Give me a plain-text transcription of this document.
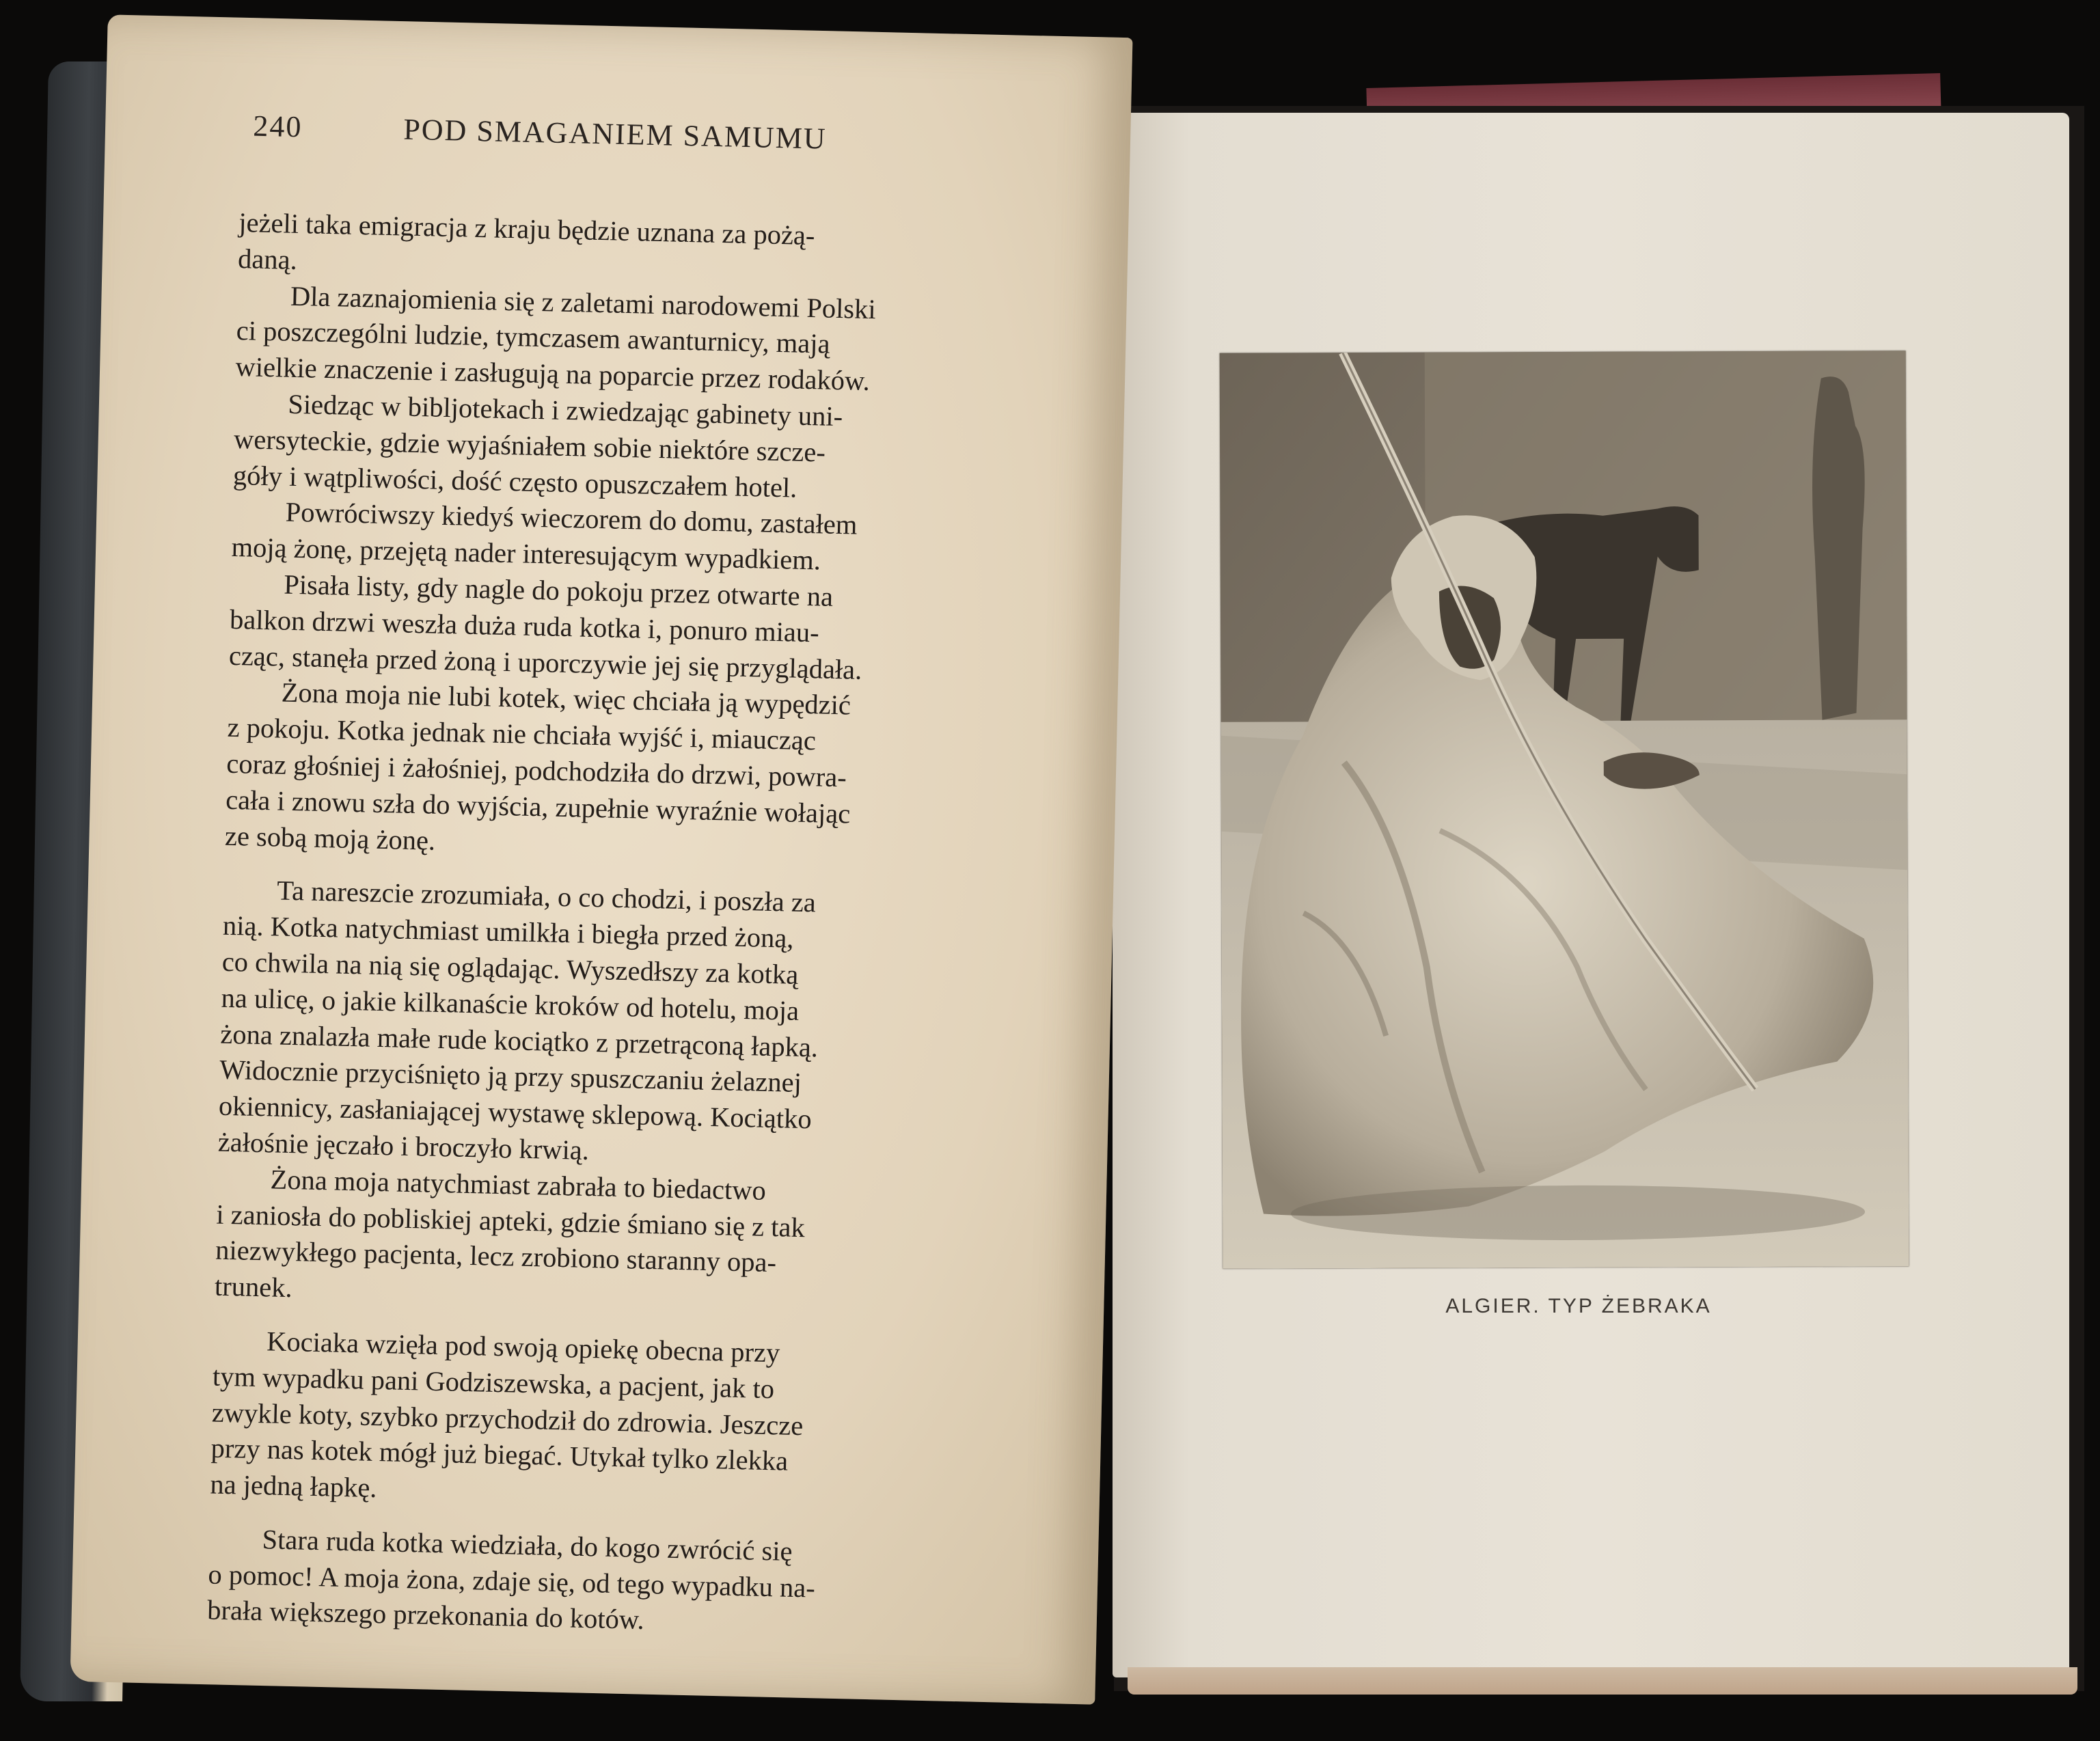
240	POD SMAGANIEM SAMUMU

jeżeli taka emigracja z kraju będzie uznana za pożą-

daną.

Dla zaznajomienia się z zaletami narodowemi Polski

ci poszczególni ludzie, tymczasem awanturnicy, mają

wielkie znaczenie i zasługują na poparcie przez rodaków.

Siedząc w bibljotekach i zwiedzając gabinety uni-

wersyteckie, gdzie wyjaśniałem sobie niektóre szcze-

góły i wątpliwości, dość często opuszczałem hotel.

Powróciwszy kiedyś wieczorem do domu, zastałem

moją żonę, przejętą nader interesującym wypadkiem.

Pisała listy, gdy nagle do pokoju przez otwarte na

balkon drzwi weszła duża ruda kotka i, ponuro miau-

cząc, stanęła przed żoną i uporczywie jej się przyglądała.

Żona moja nie lubi kotek, więc chciała ją wypędzić

z pokoju. Kotka jednak nie chciała wyjść i, miaucząc

coraz głośniej i żałośniej, podchodziła do drzwi, powra-

cała i znowu szła do wyjścia, zupełnie wyraźnie wołając

ze sobą moją żonę.

Ta nareszcie zrozumiała, o co chodzi, i poszła za

nią. Kotka natychmiast umilkła i biegła przed żoną,

co chwila na nią się oglądając. Wyszedłszy za kotką

na ulicę, o jakie kilkanaście kroków od hotelu, moja

żona znalazła małe rude kociątko z przetrąconą łapką.

Widocznie przyciśnięto ją przy spuszczaniu żelaznej

okiennicy, zasłaniającej wystawę sklepową. Kociątko

żałośnie jęczało i broczyło krwią.

Żona moja natychmiast zabrała to biedactwo

i zaniosła do pobliskiej apteki, gdzie śmiano się z tak

niezwykłego pacjenta, lecz zrobiono staranny opa-

trunek.

Kociaka wzięła pod swoją opiekę obecna przy

tym wypadku pani Godziszewska, a pacjent, jak to

zwykle koty, szybko przychodził do zdrowia. Jeszcze

przy nas kotek mógł już biegać. Utykał tylko zlekka

na jedną łapkę.

Stara ruda kotka wiedziała, do kogo zwrócić się

o pomoc! A moja żona, zdaje się, od tego wypadku na-

brała większego przekonania do kotów.

ALGIER. TYP ŻEBRAKA
